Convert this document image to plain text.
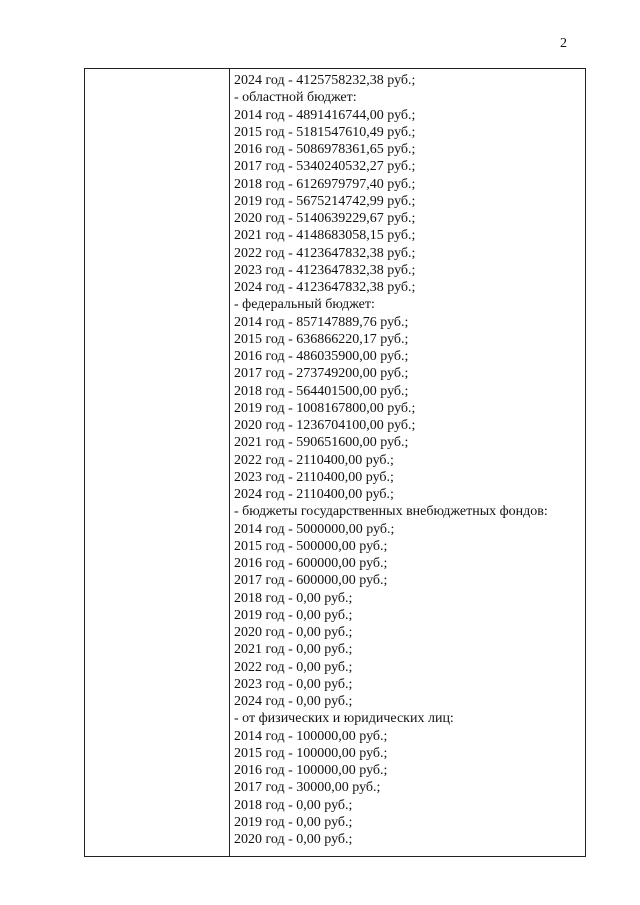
2
2024 год - 4125758232,38 руб.;
- областной бюджет:
2014 год - 4891416744,00 руб.;
2015 год - 5181547610,49 руб.;
2016 год - 5086978361,65 руб.;
2017 год - 5340240532,27 руб.;
2018 год - 6126979797,40 руб.;
2019 год - 5675214742,99 руб.;
2020 год - 5140639229,67 руб.;
2021 год - 4148683058,15 руб.;
2022 год - 4123647832,38 руб.;
2023 год - 4123647832,38 руб.;
2024 год - 4123647832,38 руб.;
- федеральный бюджет:
2014 год - 857147889,76 руб.;
2015 год - 636866220,17 руб.;
2016 год - 486035900,00 руб.;
2017 год - 273749200,00 руб.;
2018 год - 564401500,00 руб.;
2019 год - 1008167800,00 руб.;
2020 год - 1236704100,00 руб.;
2021 год - 590651600,00 руб.;
2022 год - 2110400,00 руб.;
2023 год - 2110400,00 руб.;
2024 год - 2110400,00 руб.;
- бюджеты государственных внебюджетных фондов:
2014 год - 5000000,00 руб.;
2015 год - 500000,00 руб.;
2016 год - 600000,00 руб.;
2017 год - 600000,00 руб.;
2018 год - 0,00 руб.;
2019 год - 0,00 руб.;
2020 год - 0,00 руб.;
2021 год - 0,00 руб.;
2022 год - 0,00 руб.;
2023 год - 0,00 руб.;
2024 год - 0,00 руб.;
- от физических и юридических лиц:
2014 год - 100000,00 руб.;
2015 год - 100000,00 руб.;
2016 год - 100000,00 руб.;
2017 год - 30000,00 руб.;
2018 год - 0,00 руб.;
2019 год - 0,00 руб.;
2020 год - 0,00 руб.;
